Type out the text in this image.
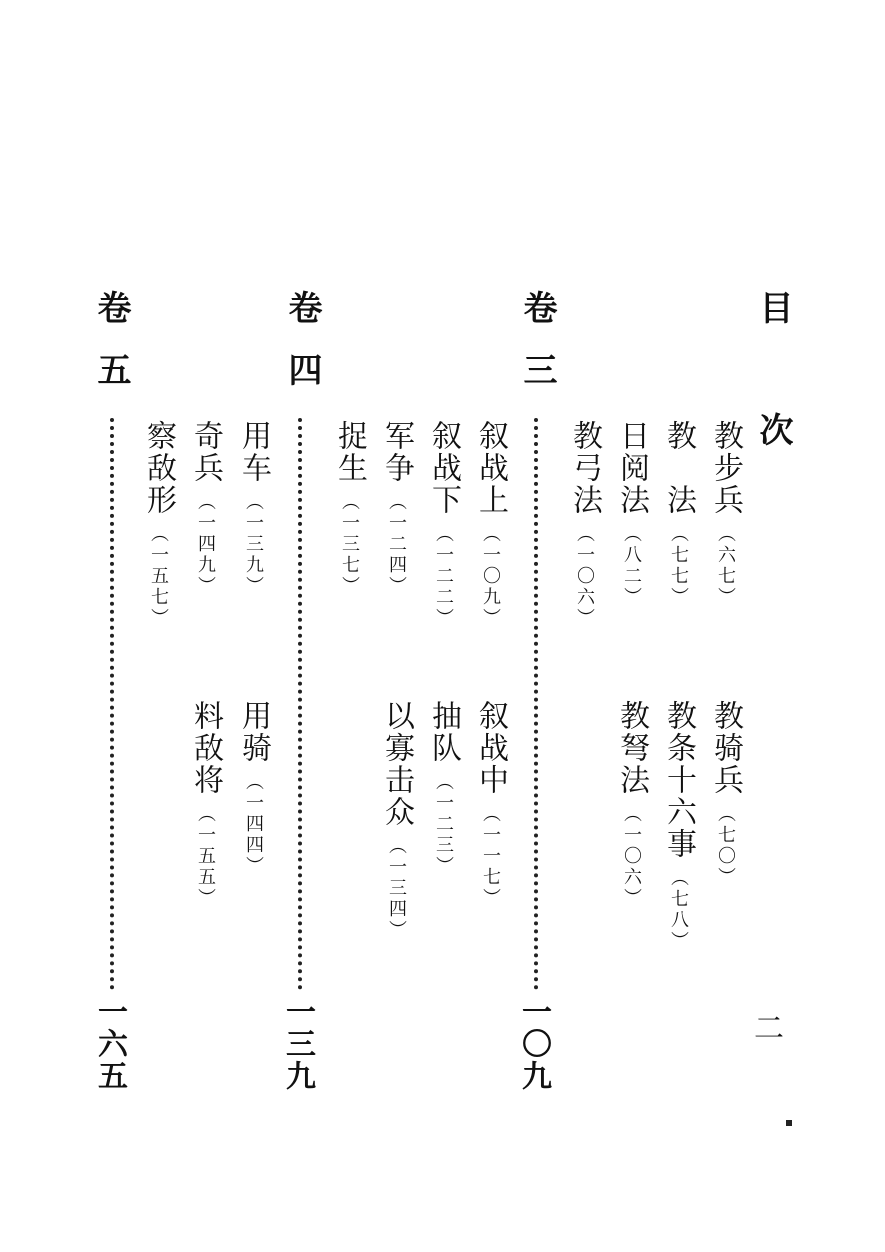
目
次
卷
三
教步兵（六七）
教骑兵（七〇）
教　法（七七）
教条十六事（七八）
日阅法（八二）
教弩法（一〇六）
教弓法（一〇六）
一〇九
卷
四
叙战上（一〇九）
叙战中（一一七）
叙战下（一二二）
抽队（一二三）
军争（一二四）
以寡击众（一三四）
捉生（一三七）
一三九
卷
五
用车（一三九）
用骑（一四四）
奇兵（一四九）
料敌将（一五五）
察敌形（一五七）
一六五	二
